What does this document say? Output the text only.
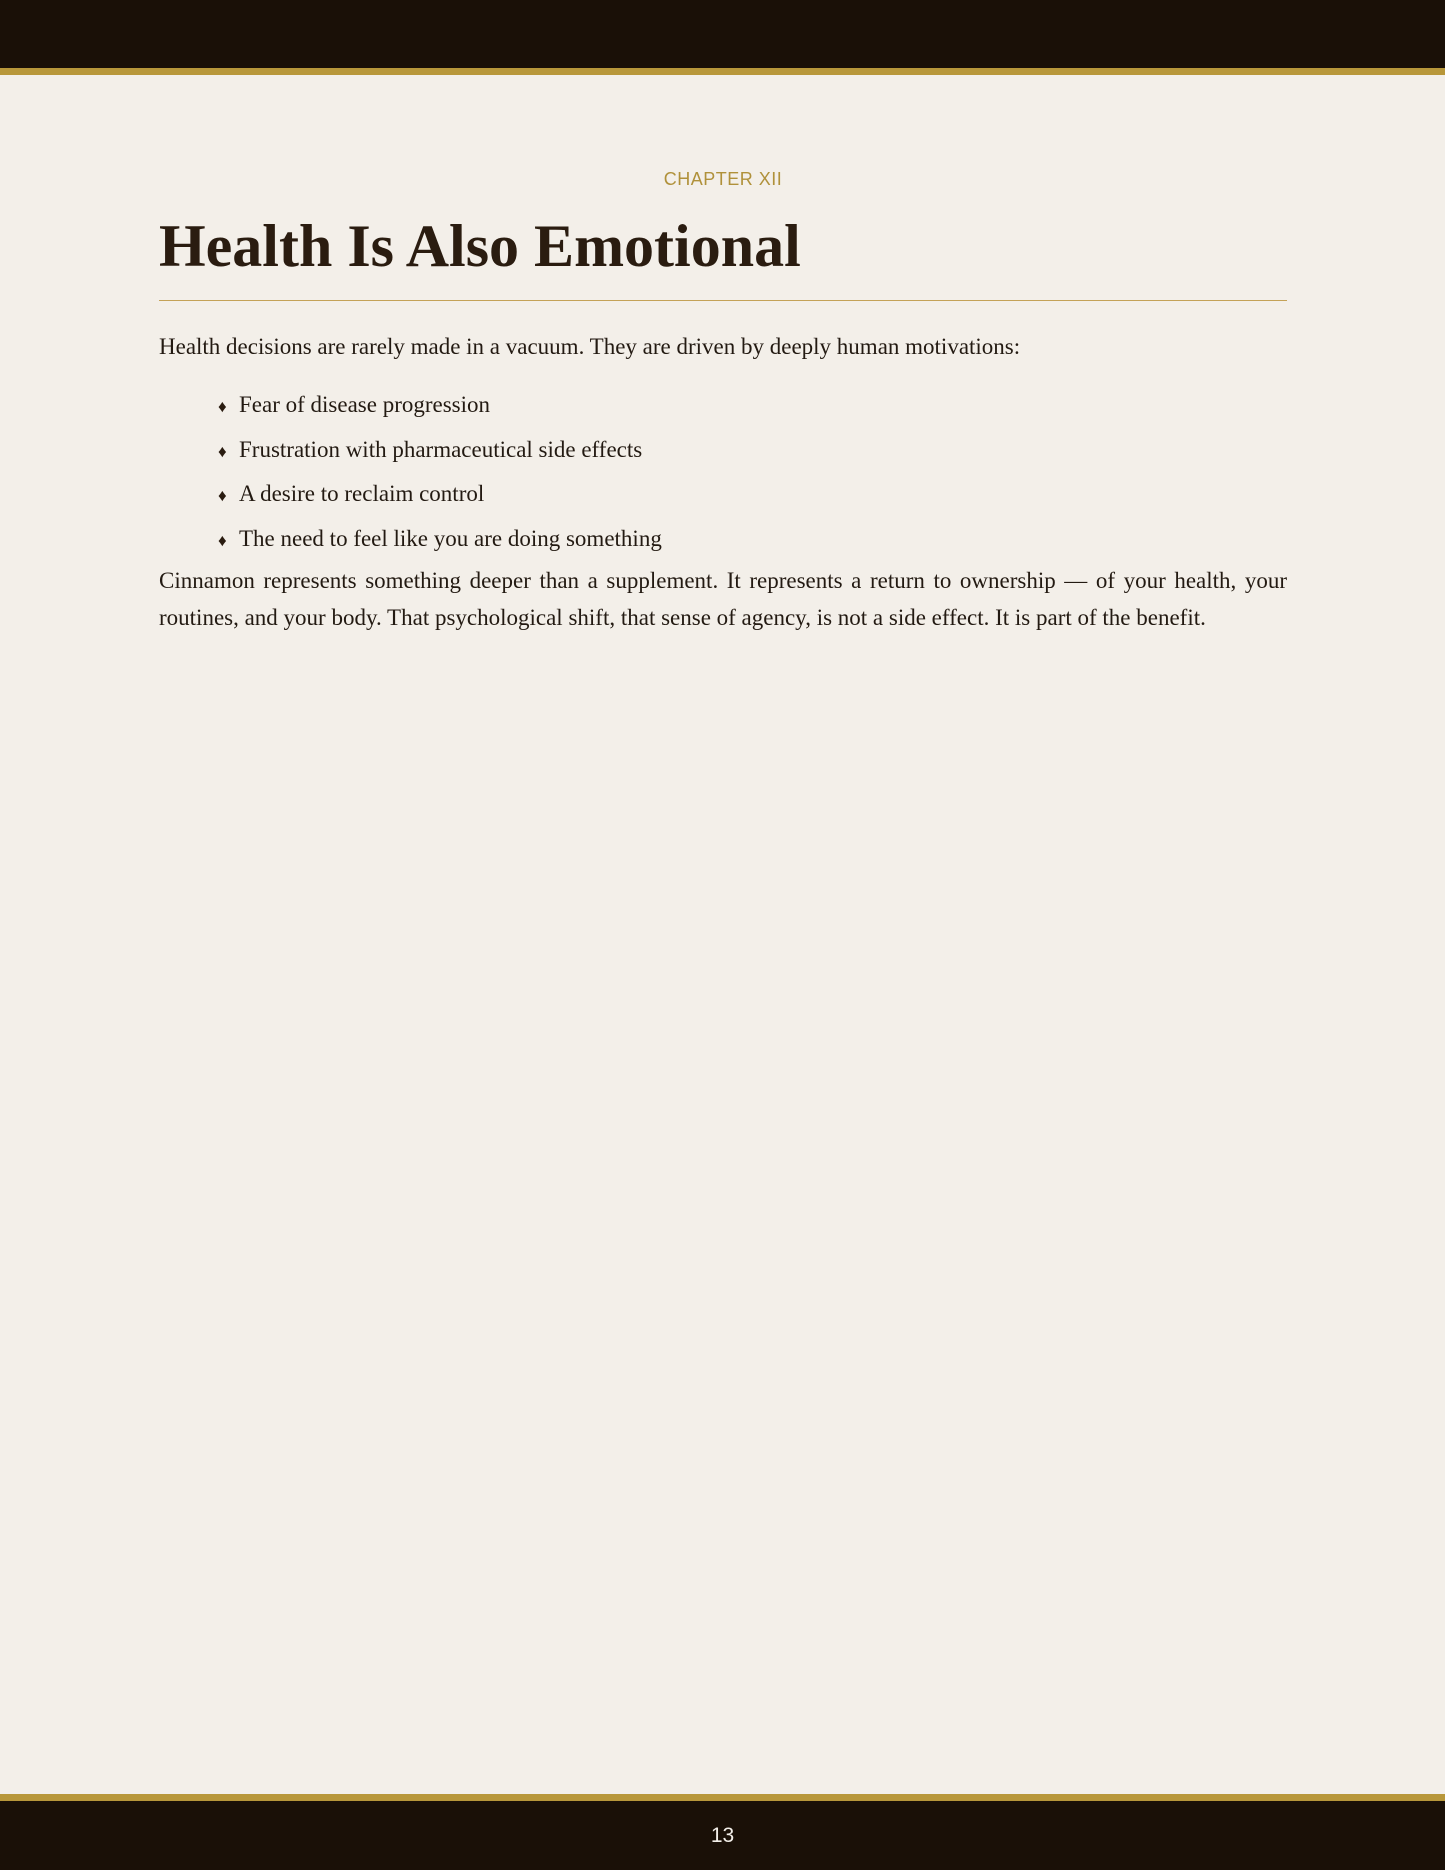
CHAPTER XII
Health Is Also Emotional

Health decisions are rarely made in a vacuum. They are driven by deeply human motivations:

♦ Fear of disease progression
♦ Frustration with pharmaceutical side effects
♦ A desire to reclaim control
♦ The need to feel like you are doing something

Cinnamon represents something deeper than a supplement. It represents a return to ownership — of your health, your routines, and your body. That psychological shift, that sense of agency, is not a side effect. It is part of the benefit.

13
